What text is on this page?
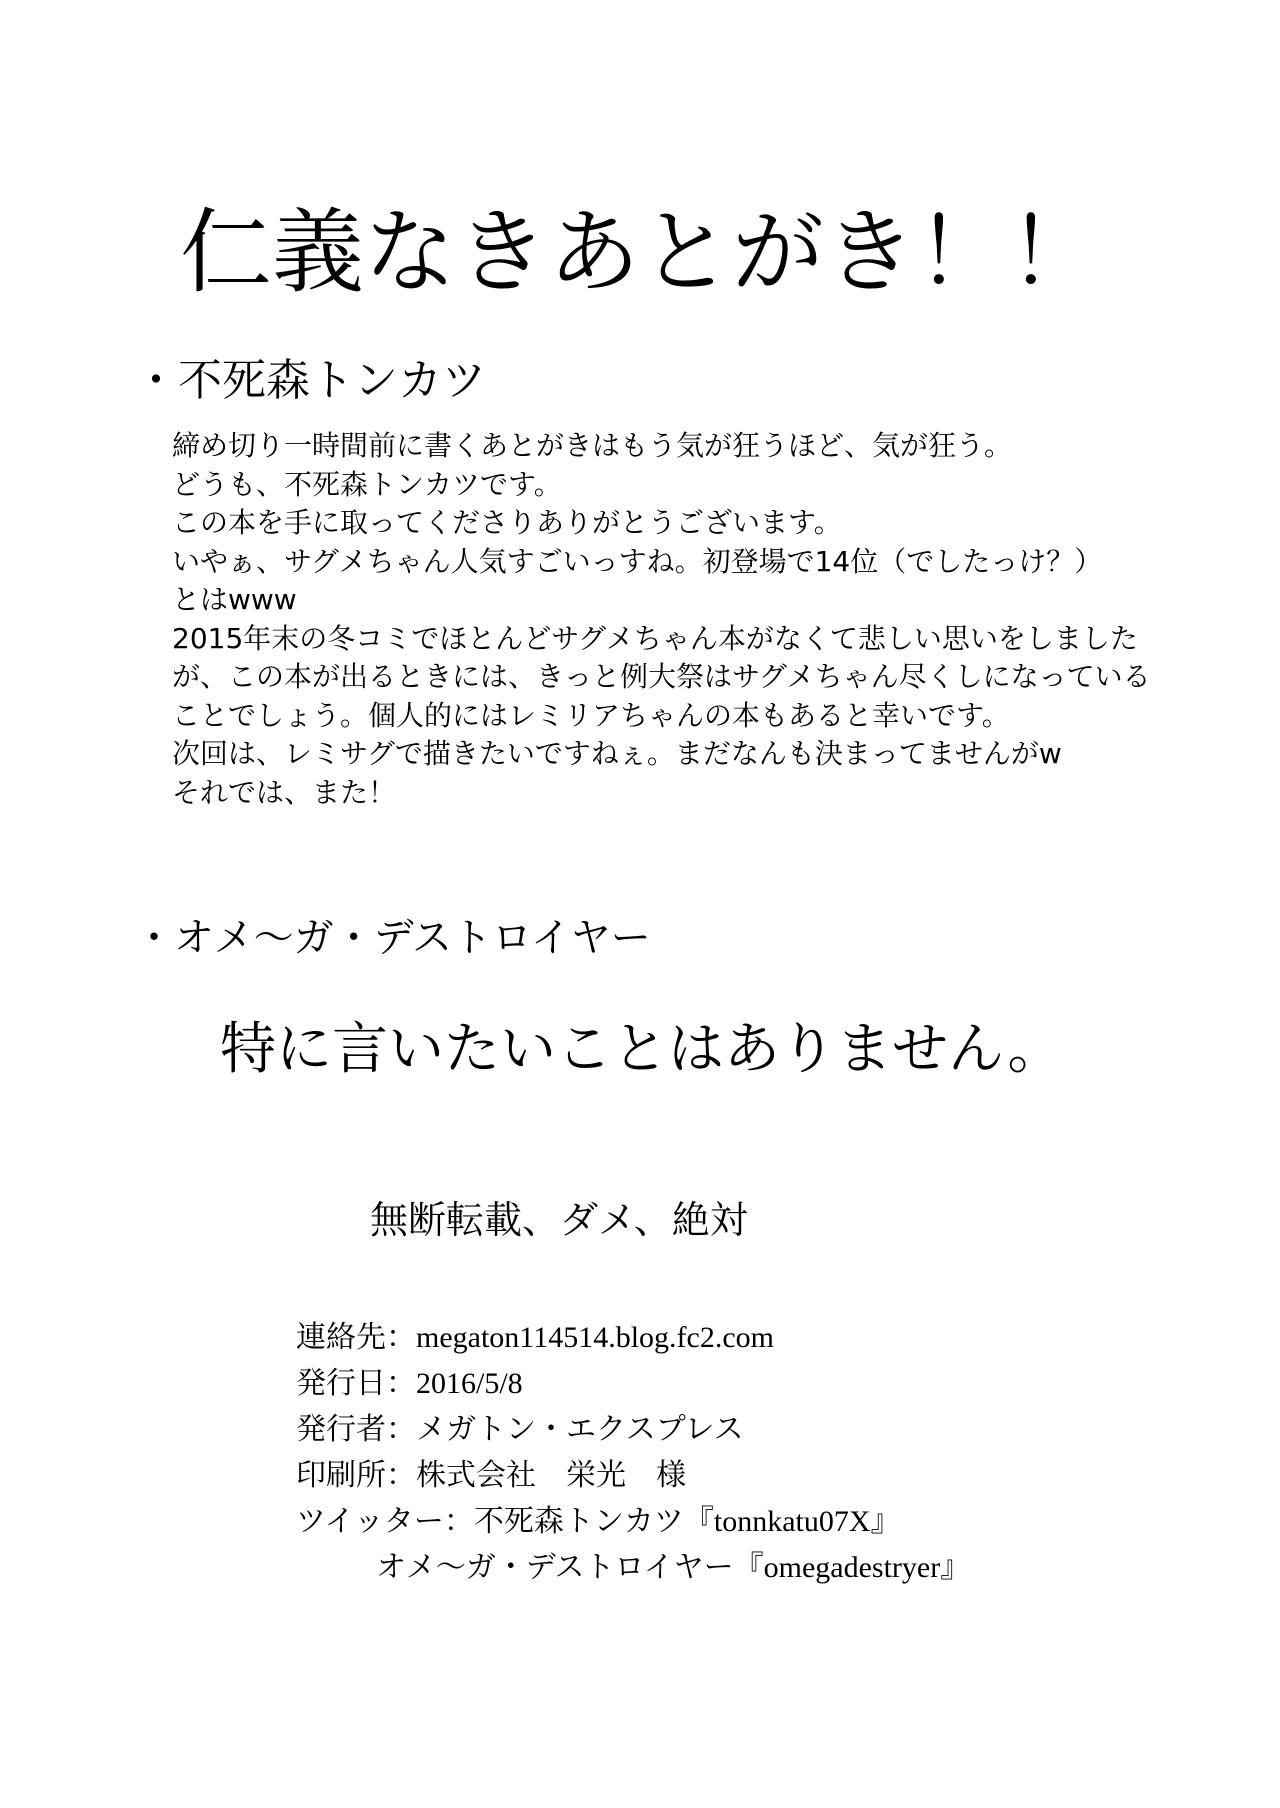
仁義なきあとがき！！
・不死森トンカツ
締め切り一時間前に書くあとがきはもう気が狂うほど、気が狂う。
どうも、不死森トンカツです。
この本を手に取ってくださりありがとうございます。
いやぁ、サグメちゃん人気すごいっすね。初登場で14位（でしたっけ？）
とはwww
2015年末の冬コミでほとんどサグメちゃん本がなくて悲しい思いをしました
が、この本が出るときには、きっと例大祭はサグメちゃん尽くしになっている
ことでしょう。個人的にはレミリアちゃんの本もあると幸いです。
次回は、レミサグで描きたいですねぇ。まだなんも決まってませんがw
それでは、また！
・オメ～ガ・デストロイヤー
特に言いたいことはありません。
無断転載、ダメ、絶対
連絡先：megaton114514.blog.fc2.com
発行日：2016/5/8
発行者：メガトン・エクスプレス
印刷所：株式会社　栄光　様
ツイッター：不死森トンカツ『tonnkatu07X』
オメ～ガ・デストロイヤー『omegadestryer』
